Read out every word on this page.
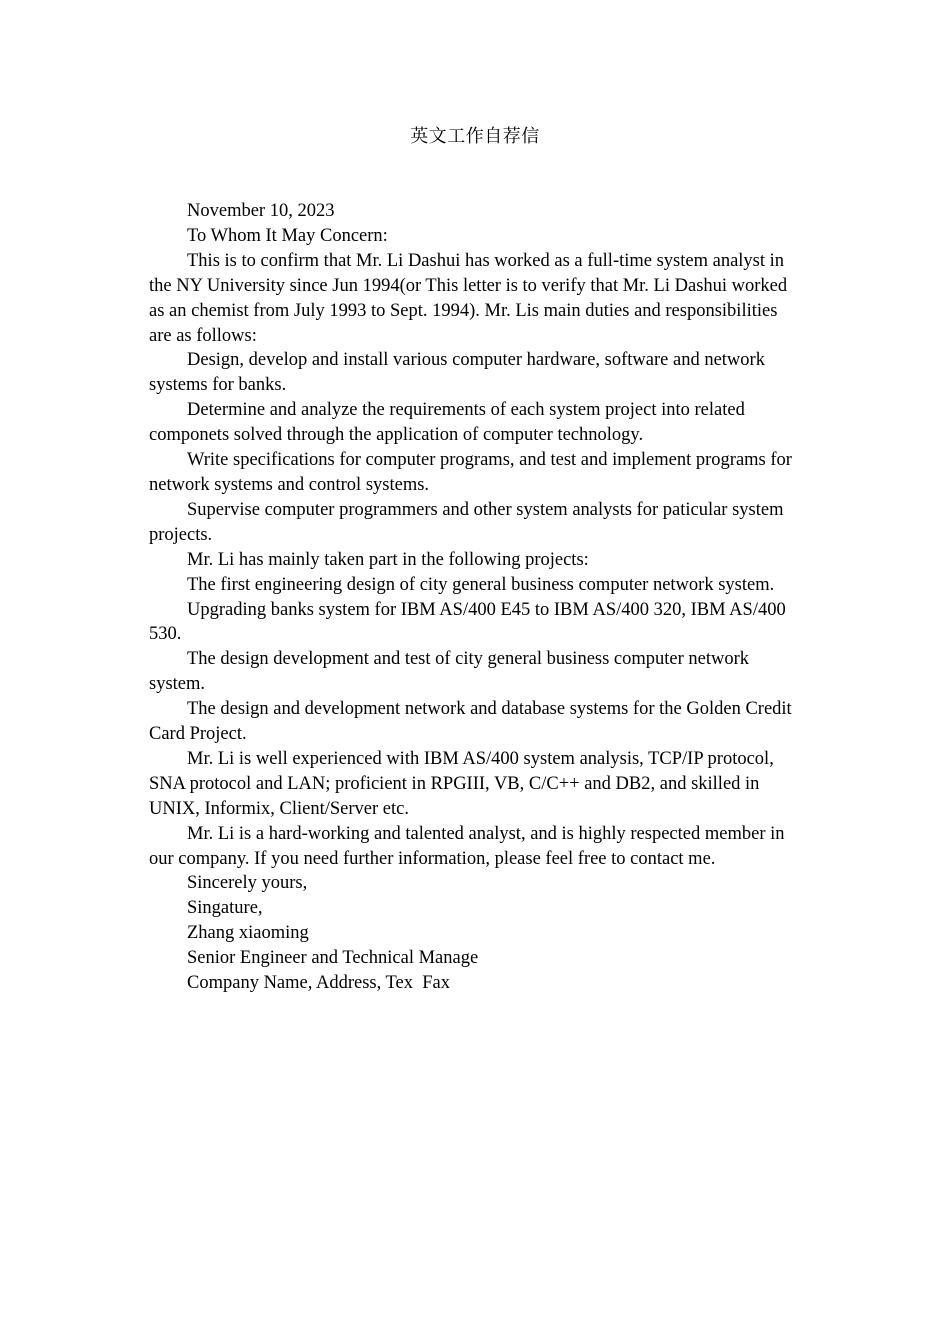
英文工作自荐信

November 10, 2023

To Whom It May Concern:

This is to confirm that Mr. Li Dashui has worked as a full-time system analyst in the NY University since Jun 1994(or This letter is to verify that Mr. Li Dashui worked as an chemist from July 1993 to Sept. 1994). Mr. Lis main duties and responsibilities are as follows:

Design, develop and install various computer hardware, software and network systems for banks.

Determine and analyze the requirements of each system project into related componets solved through the application of computer technology.

Write specifications for computer programs, and test and implement programs for network systems and control systems.

Supervise computer programmers and other system analysts for paticular system projects.

Mr. Li has mainly taken part in the following projects:

The first engineering design of city general business computer network system.

Upgrading banks system for IBM AS/400 E45 to IBM AS/400 320, IBM AS/400 530.

The design development and test of city general business computer network system.

The design and development network and database systems for the Golden Credit Card Project.

Mr. Li is well experienced with IBM AS/400 system analysis, TCP/IP protocol, SNA protocol and LAN; proficient in RPGIII, VB, C/C++ and DB2, and skilled in UNIX, Informix, Client/Server etc.

Mr. Li is a hard-working and talented analyst, and is highly respected member in our company. If you need further information, please feel free to contact me.

Sincerely yours,

Singature,

Zhang xiaoming

Senior Engineer and Technical Manage

Company Name, Address, Tex  Fax
